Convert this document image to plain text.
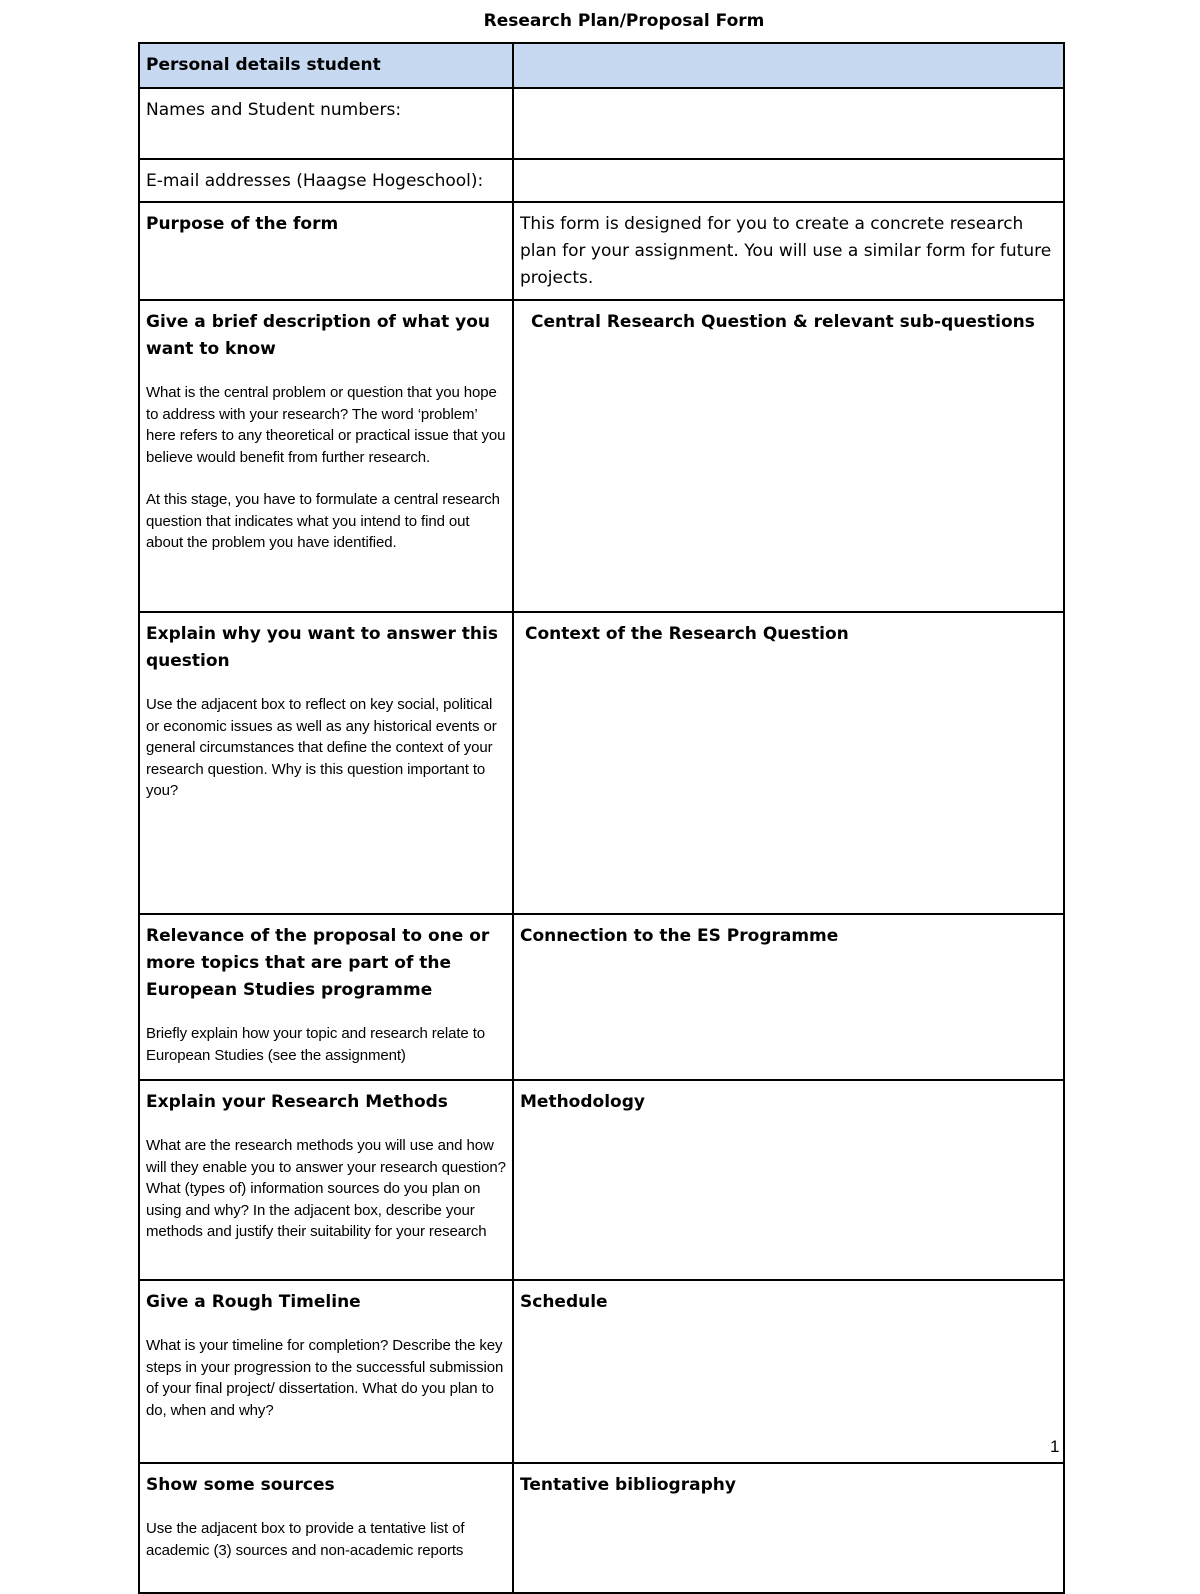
Research Plan/Proposal Form
Personal details student	

Names and Student numbers:	

E-mail addresses (Haagse Hogeschool):	

Purpose of the form	This form is designed for you to create a concrete research plan for your assignment. You will use a similar form for future projects.

Give a brief description of what you want to know

What is the central problem or question that you hope to address with your research? The word ‘problem’ here refers to any theoretical or practical issue that you believe would benefit from further research.

At this stage, you have to formulate a central research question that indicates what you intend to find out about the problem you have identified.	Central Research Question & relevant sub-questions

Explain why you want to answer this question

Use the adjacent box to reflect on key social, political or economic issues as well as any historical events or general circumstances that define the context of your research question. Why is this question important to you?	Context of the Research Question

Relevance of the proposal to one or more topics that are part of the European Studies programme

Briefly explain how your topic and research relate to European Studies (see the assignment)	Connection to the ES Programme

Explain your Research Methods

What are the research methods you will use and how will they enable you to answer your research question? What (types of) information sources do you plan on using and why? In the adjacent box, describe your methods and justify their suitability for your research	Methodology

Give a Rough Timeline

What is your timeline for completion? Describe the key steps in your progression to the successful submission of your final project/ dissertation. What do you plan to do, when and why?	Schedule

Show some sources

Use the adjacent box to provide a tentative list of academic (3) sources and non-academic reports	Tentative bibliography
1
